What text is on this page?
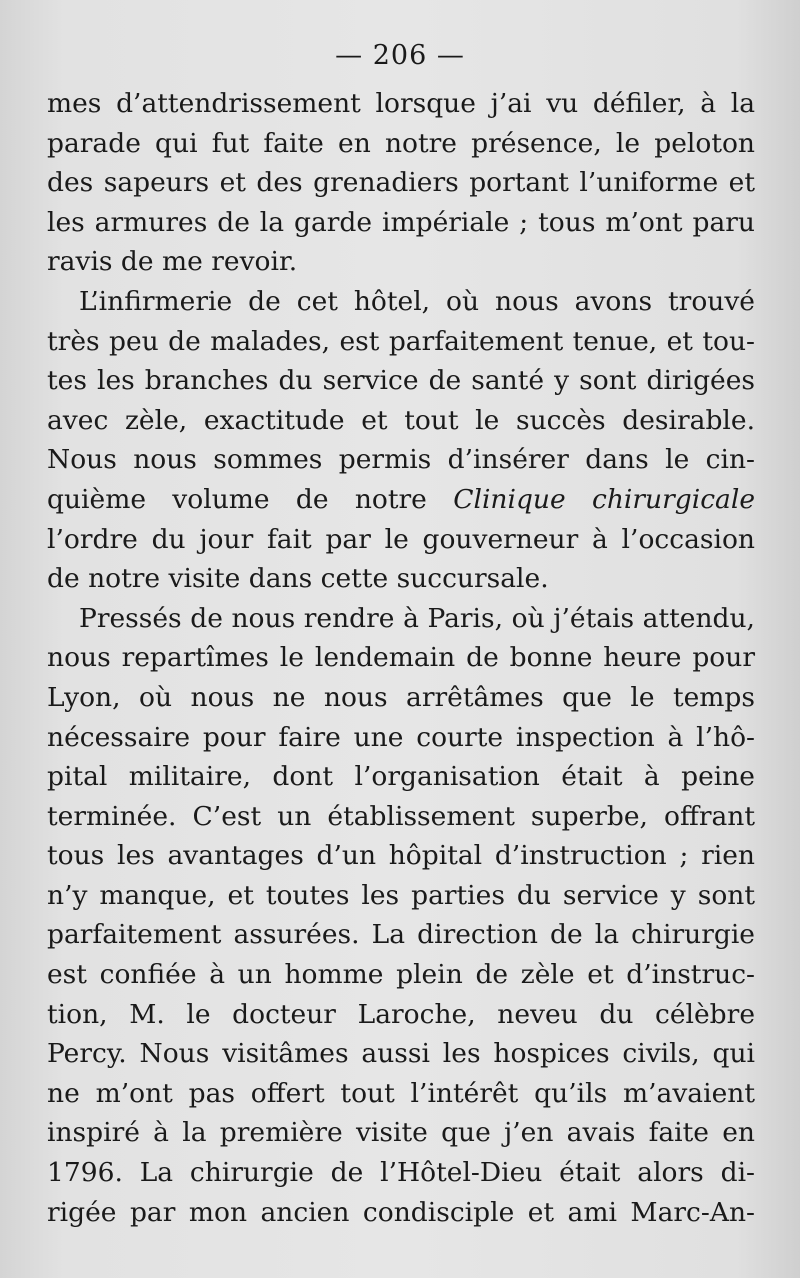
— 206 —
mes d’attendrissement lorsque j’ai vu défiler, à la
parade qui fut faite en notre présence, le peloton
des sapeurs et des grenadiers portant l’uniforme et
les armures de la garde impériale ; tous m’ont paru
ravis de me revoir.
L’infirmerie de cet hôtel, où nous avons trouvé
très peu de malades, est parfaitement tenue, et tou-
tes les branches du service de santé y sont dirigées
avec zèle, exactitude et tout le succès desirable.
Nous nous sommes permis d’insérer dans le cin-
quième volume de notre Clinique chirurgicale
l’ordre du jour fait par le gouverneur à l’occasion
de notre visite dans cette succursale.
Pressés de nous rendre à Paris, où j’étais attendu,
nous repartîmes le lendemain de bonne heure pour
Lyon, où nous ne nous arrêtâmes que le temps
nécessaire pour faire une courte inspection à l’hô-
pital militaire, dont l’organisation était à peine
terminée. C’est un établissement superbe, offrant
tous les avantages d’un hôpital d’instruction ; rien
n’y manque, et toutes les parties du service y sont
parfaitement assurées. La direction de la chirurgie
est confiée à un homme plein de zèle et d’instruc-
tion, M. le docteur Laroche, neveu du célèbre
Percy. Nous visitâmes aussi les hospices civils, qui
ne m’ont pas offert tout l’intérêt qu’ils m’avaient
inspiré à la première visite que j’en avais faite en
1796. La chirurgie de l’Hôtel-Dieu était alors di-
rigée par mon ancien condisciple et ami Marc-An-
